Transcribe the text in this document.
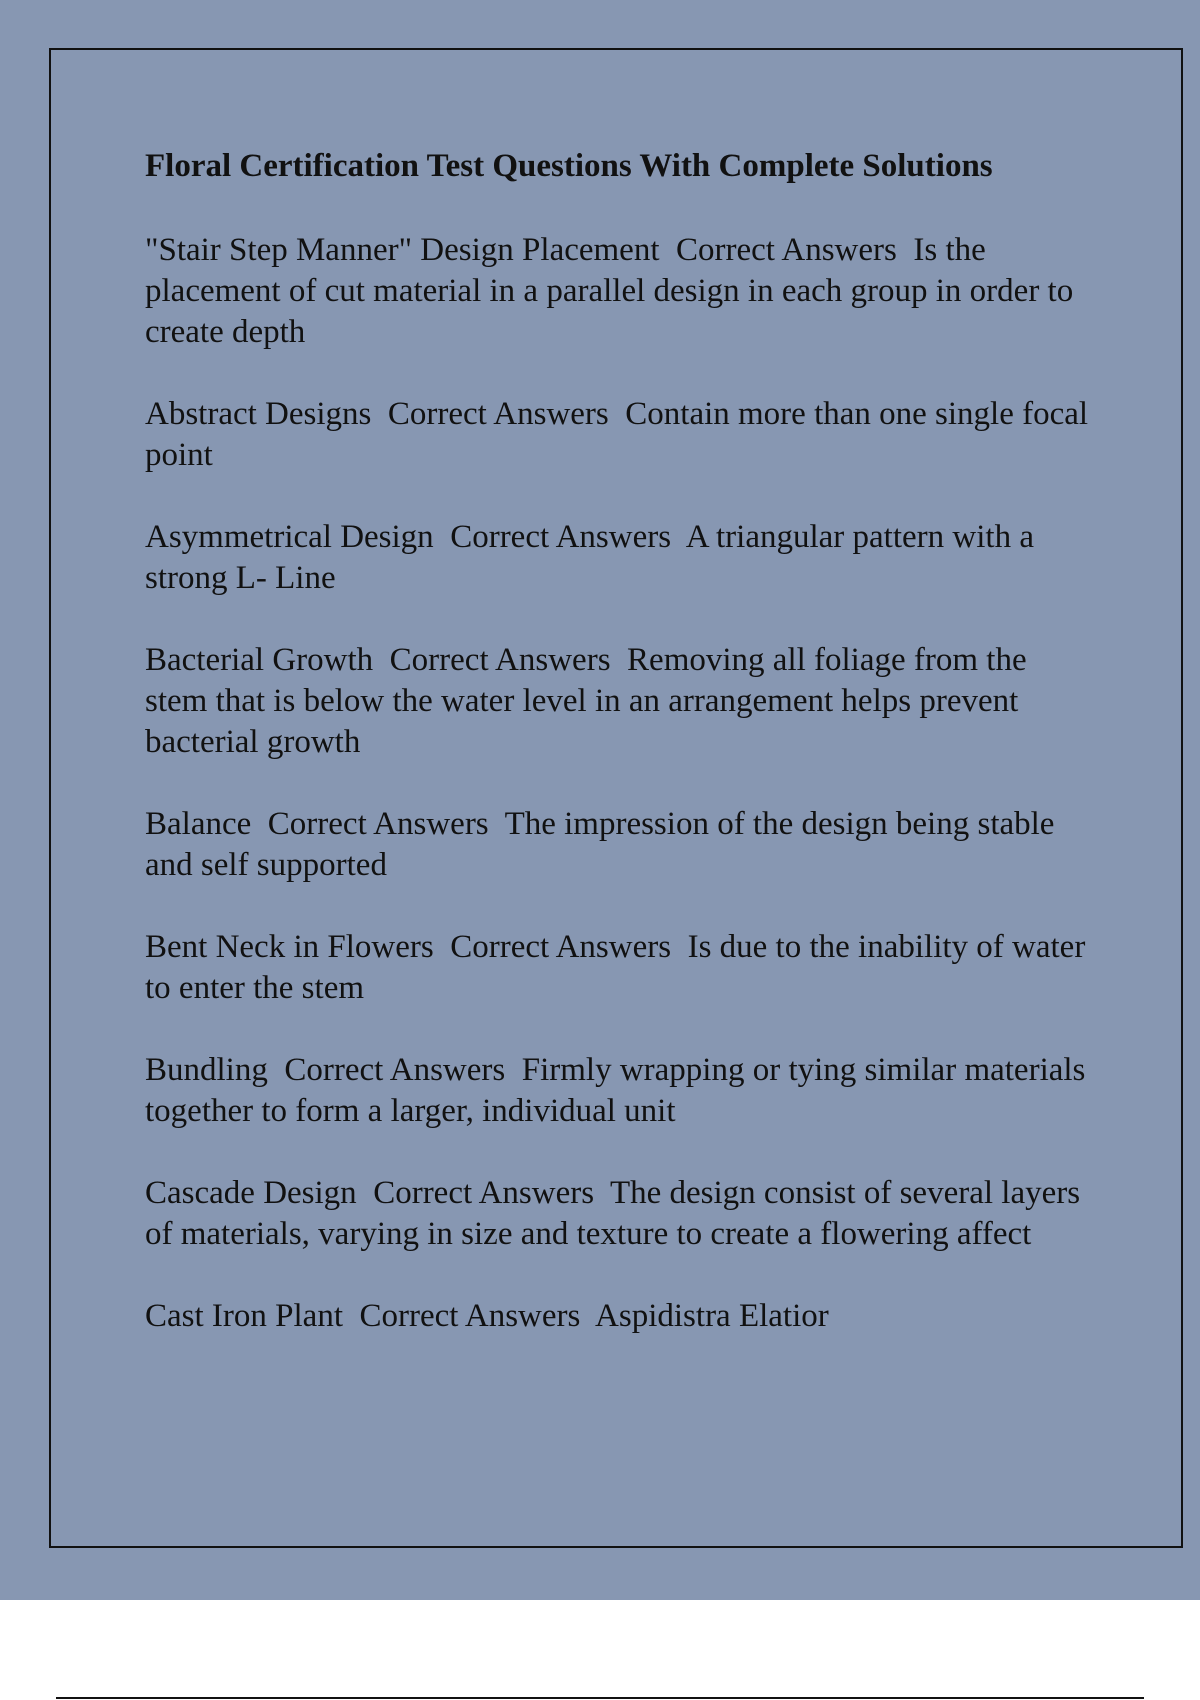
Floral Certification Test Questions With Complete Solutions
"Stair Step Manner" Design Placement Correct Answers Is the placement of cut material in a parallel design in each group in order to create depth
Abstract Designs Correct Answers Contain more than one single focal point
Asymmetrical Design Correct Answers A triangular pattern with a strong L- Line
Bacterial Growth Correct Answers Removing all foliage from the stem that is below the water level in an arrangement helps prevent bacterial growth
Balance Correct Answers The impression of the design being stable and self supported
Bent Neck in Flowers Correct Answers Is due to the inability of water to enter the stem
Bundling Correct Answers Firmly wrapping or tying similar materials together to form a larger, individual unit
Cascade Design Correct Answers The design consist of several layers of materials, varying in size and texture to create a flowering affect
Cast Iron Plant Correct Answers Aspidistra Elatior
